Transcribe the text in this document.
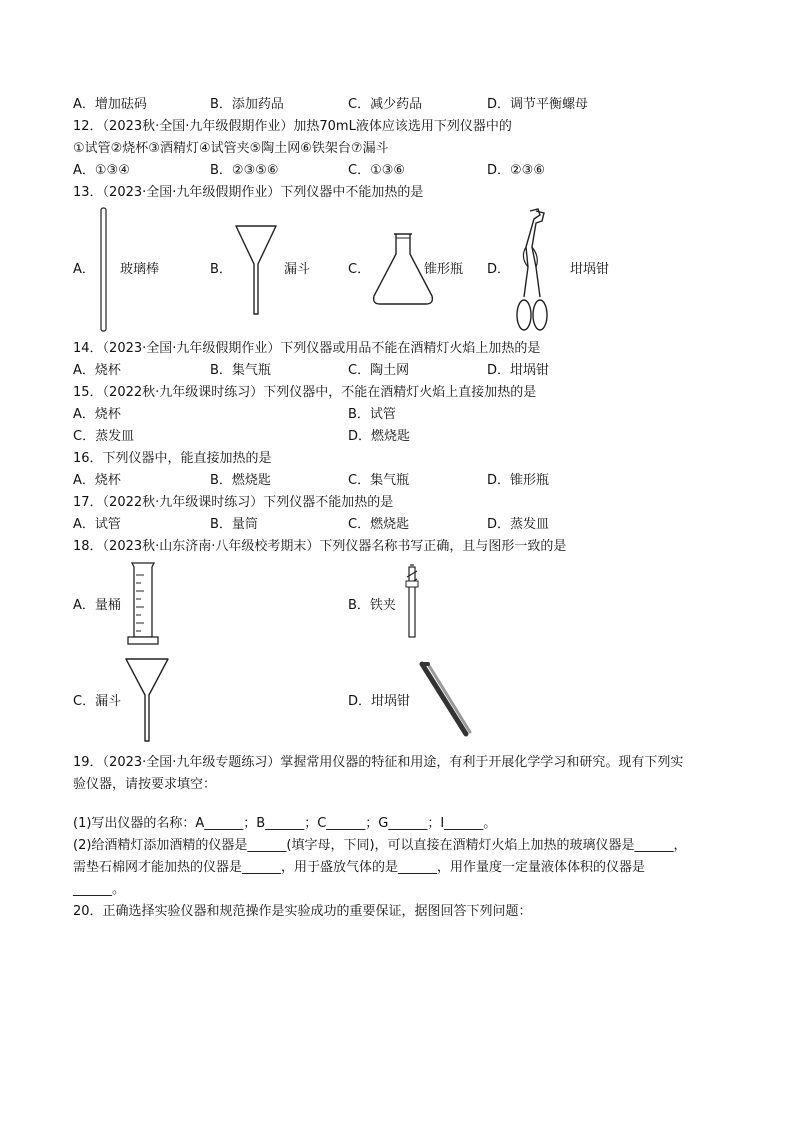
A．增加砝码	B．添加药品	C．减少药品	D．调节平衡螺母
12．（2023秋·全国·九年级假期作业）加热70mL液体应该选用下列仪器中的
①试管②烧杯③酒精灯④试管夹⑤陶土网⑥铁架台⑦漏斗
A．①③④	B．②③⑤⑥	C．①③⑥	D．②③⑥
13．（2023·全国·九年级假期作业）下列仪器中不能加热的是
A． 玻璃棒	B．	漏斗	C．	锥形瓶 D．	坩埚钳
14．（2023·全国·九年级假期作业）下列仪器或用品不能在酒精灯火焰上加热的是
A．烧杯	B．集气瓶	C．陶土网	D．坩埚钳
15．（2022秋·九年级课时练习）下列仪器中，不能在酒精灯火焰上直接加热的是
A．烧杯	B．试管
C．蒸发皿	D．燃烧匙
16．下列仪器中，能直接加热的是
A．烧杯	B．燃烧匙	C．集气瓶	D．锥形瓶
17．（2022秋·九年级课时练习）下列仪器不能加热的是
A．试管	B．量筒	C．燃烧匙	D．蒸发皿
18．（2023秋·山东济南·八年级校考期末）下列仪器名称书写正确，且与图形一致的是
A．量桶	B．铁夹
C．漏斗	D．坩埚钳
19．（2023·全国·九年级专题练习）掌握常用仪器的特征和用途，有利于开展化学学习和研究。现有下列实
验仪器，请按要求填空：
(1)写出仪器的名称：A______；B______；C______；G______；I______。
(2)给酒精灯添加酒精的仪器是______(填字母，下同)，可以直接在酒精灯火焰上加热的玻璃仪器是______，
需垫石棉网才能加热的仪器是______，用于盛放气体的是______，用作量度一定量液体体积的仪器是
______。
20．正确选择实验仪器和规范操作是实验成功的重要保证，据图回答下列问题：
